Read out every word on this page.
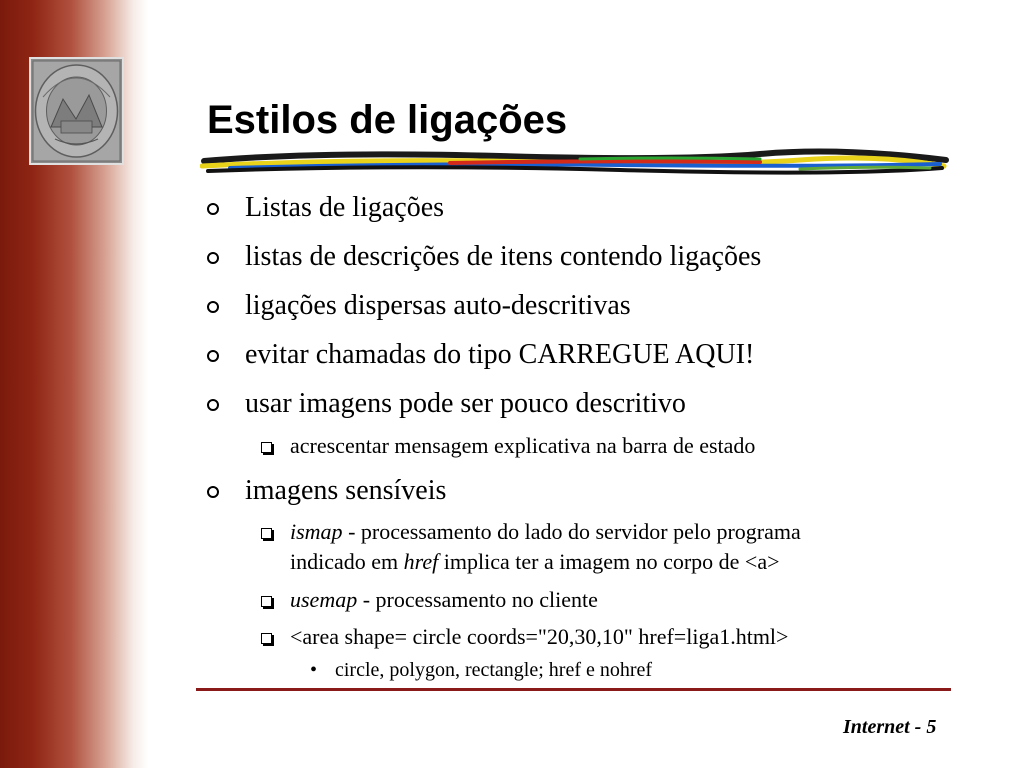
Estilos de ligações
Listas de ligações
listas de descrições de itens contendo ligações
ligações dispersas auto-descritivas
evitar chamadas do tipo CARREGUE AQUI!
usar imagens pode ser pouco descritivo
acrescentar mensagem explicativa na barra de estado
imagens sensíveis
ismap - processamento do lado do servidor pelo programa
indicado em href implica ter a imagem no corpo de <a>
usemap - processamento no cliente
<area shape= circle coords="20,30,10" href=liga1.html>
• circle, polygon, rectangle; href e nohref
Internet - 5
